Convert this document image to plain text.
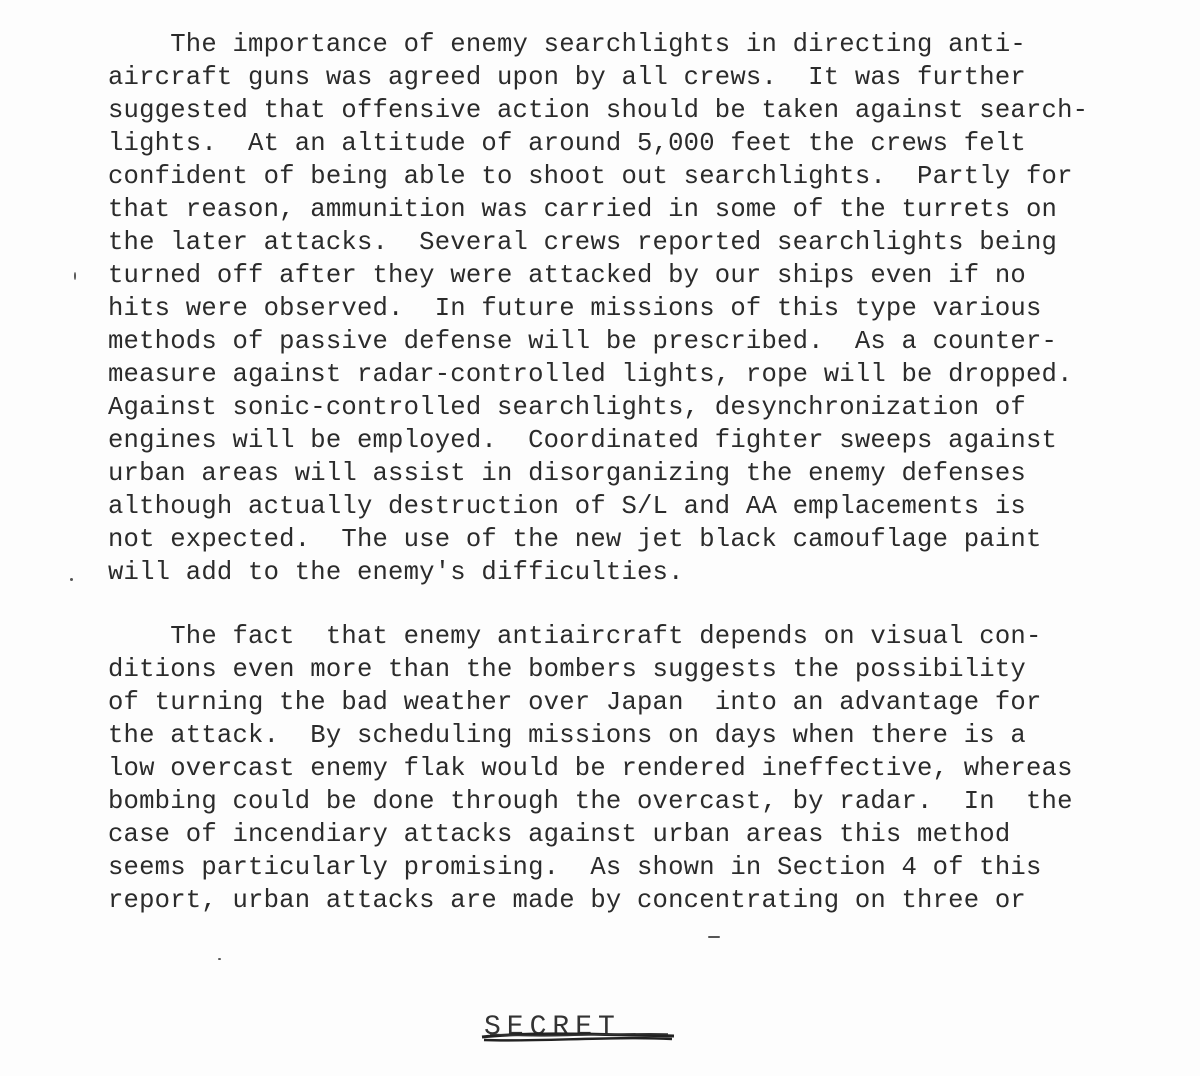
The importance of enemy searchlights in directing anti-
aircraft guns was agreed upon by all crews.  It was further
suggested that offensive action should be taken against search-
lights.  At an altitude of around 5,000 feet the crews felt
confident of being able to shoot out searchlights.  Partly for
that reason, ammunition was carried in some of the turrets on
the later attacks.  Several crews reported searchlights being
turned off after they were attacked by our ships even if no
hits were observed.  In future missions of this type various
methods of passive defense will be prescribed.  As a counter-
measure against radar-controlled lights, rope will be dropped.
Against sonic-controlled searchlights, desynchronization of
engines will be employed.  Coordinated fighter sweeps against
urban areas will assist in disorganizing the enemy defenses
although actually destruction of S/L and AA emplacements is
not expected.  The use of the new jet black camouflage paint
will add to the enemy's difficulties.
The fact  that enemy antiaircraft depends on visual con-
ditions even more than the bombers suggests the possibility
of turning the bad weather over Japan  into an advantage for
the attack.  By scheduling missions on days when there is a
low overcast enemy flak would be rendered ineffective, whereas
bombing could be done through the overcast, by radar.  In  the
case of incendiary attacks against urban areas this method
seems particularly promising.  As shown in Section 4 of this
report, urban attacks are made by concentrating on three or
SECRET
